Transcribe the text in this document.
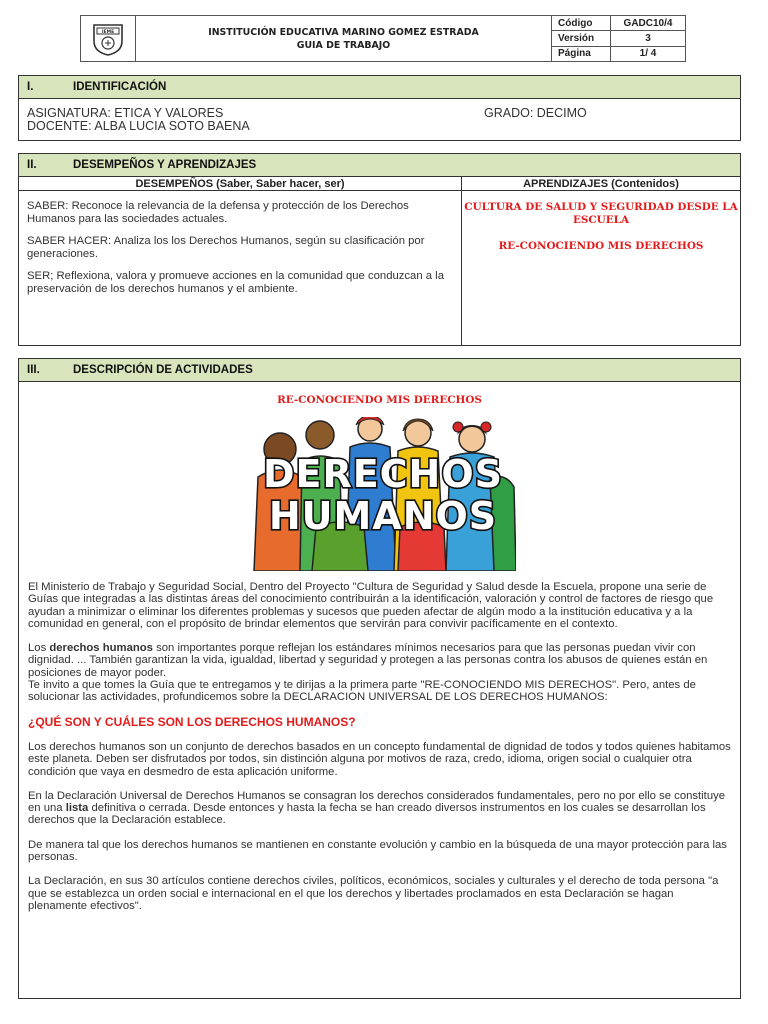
IEME	INSTITUCIÓN EDUCATIVA MARINO GOMEZ ESTRADA
GUIA DE TRABAJO
Código	GADC10/4
Versión	3
Página	1/ 4
I.	IDENTIFICACIÓN
ASIGNATURA: ETICA Y VALORES	GRADO: DECIMO
DOCENTE: ALBA LUCIA SOTO BAENA
II.	DESEMPEÑOS Y APRENDIZAJES
DESEMPEÑOS (Saber, Saber hacer, ser)	APRENDIZAJES (Contenidos)

SABER: Reconoce la relevancia de la defensa y protección de los Derechos Humanos para las sociedades actuales.

SABER HACER: Analiza los los Derechos Humanos, según su clasificación por generaciones.

SER; Reflexiona, valora y promueve acciones en la comunidad que conduzcan a la preservación de los derechos humanos y el ambiente.

CULTURA DE SALUD Y SEGURIDAD DESDE LA ESCUELA

RE-CONOCIENDO MIS DERECHOS

III.	DESCRIPCIÓN DE ACTIVIDADES
RE-CONOCIENDO MIS DERECHOS
DERECHOS
HUMANOS

El Ministerio de Trabajo y Seguridad Social, Dentro del Proyecto "Cultura de Seguridad y Salud desde la Escuela, propone una serie de Guías que integradas a las distintas áreas del conocimiento contribuirán a la identificación, valoración y control de factores de riesgo que ayudan a minimizar o eliminar los diferentes problemas y sucesos que pueden afectar de algún modo a la institución educativa y a la comunidad en general, con el propósito de brindar elementos que servirán para convivir pacíficamente en el contexto.

Los derechos humanos son importantes porque reflejan los estándares mínimos necesarios para que las personas puedan vivir con dignidad. ... También garantizan la vida, igualdad, libertad y seguridad y protegen a las personas contra los abusos de quienes están en posiciones de mayor poder.

Te invito a que tomes la Guía que te entregamos y te dirijas a la primera parte "RE-CONOCIENDO MIS DERECHOS". Pero, antes de solucionar las actividades, profundicemos sobre la DECLARACION UNIVERSAL DE LOS DERECHOS HUMANOS:

¿QUÉ SON Y CUÁLES SON LOS DERECHOS HUMANOS?

Los derechos humanos son un conjunto de derechos basados en un concepto fundamental de dignidad de todos y todos quienes habitamos este planeta. Deben ser disfrutados por todos, sin distinción alguna por motivos de raza, credo, idioma, origen social o cualquier otra condición que vaya en desmedro de esta aplicación uniforme.

En la Declaración Universal de Derechos Humanos se consagran los derechos considerados fundamentales, pero no por ello se constituye en una lista definitiva o cerrada. Desde entonces y hasta la fecha se han creado diversos instrumentos en los cuales se desarrollan los derechos que la Declaración establece.

De manera tal que los derechos humanos se mantienen en constante evolución y cambio en la búsqueda de una mayor protección para las personas.

La Declaración, en sus 30 artículos contiene derechos civiles, políticos, económicos, sociales y culturales y el derecho de toda persona "a que se establezca un orden social e internacional en el que los derechos y libertades proclamados en esta Declaración se hagan plenamente efectivos".
